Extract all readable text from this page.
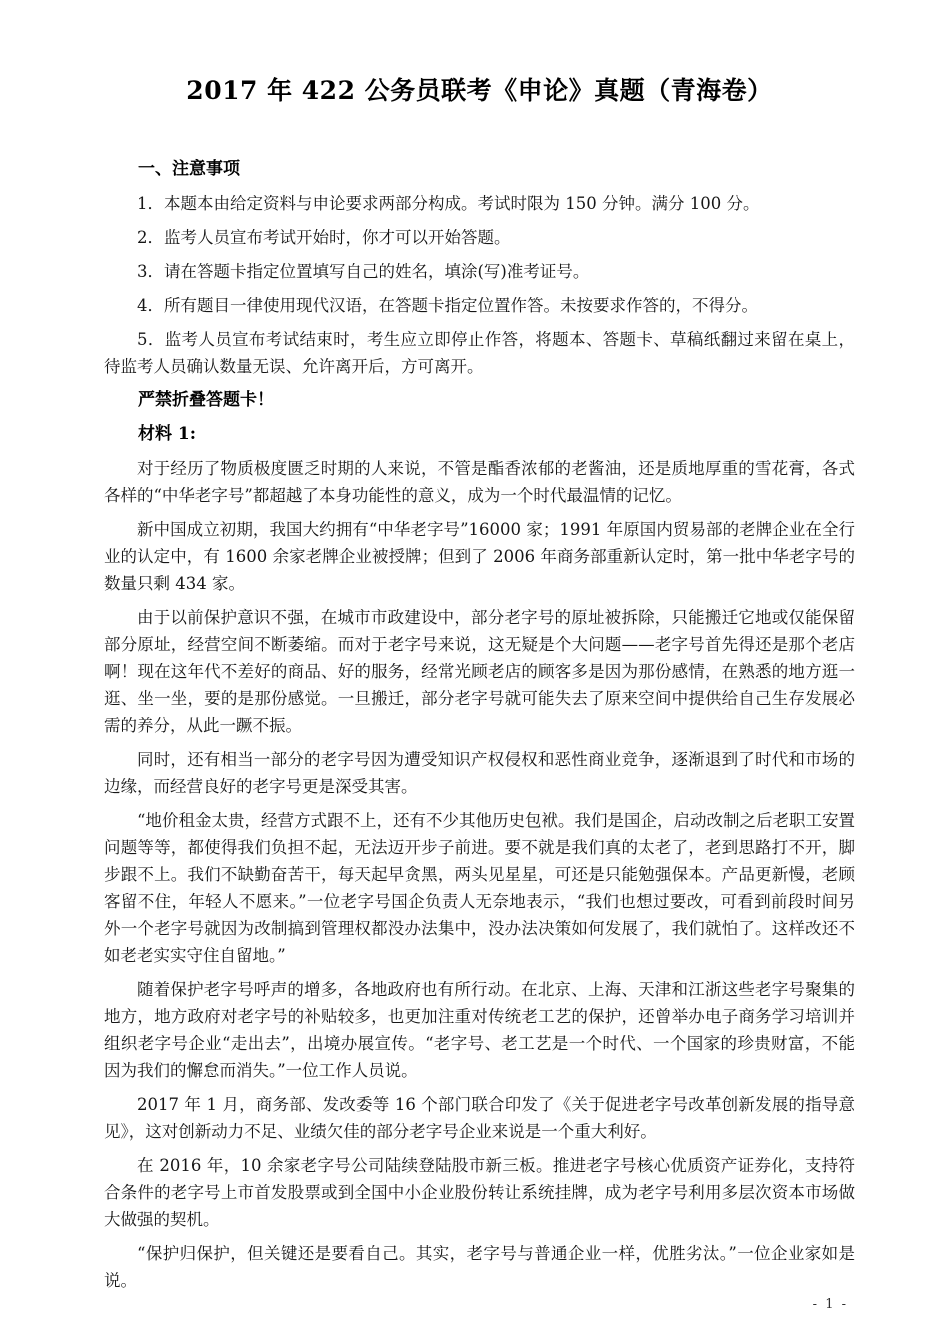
2017 年 422 公务员联考《申论》真题（青海卷）
一、注意事项

1．本题本由给定资料与申论要求两部分构成。考试时限为 150 分钟。满分 100 分。

2．监考人员宣布考试开始时，你才可以开始答题。

3．请在答题卡指定位置填写自己的姓名，填涂(写)准考证号。

4．所有题目一律使用现代汉语，在答题卡指定位置作答。未按要求作答的，不得分。

5．监考人员宣布考试结束时，考生应立即停止作答，将题本、答题卡、草稿纸翻过来留在桌上，待监考人员确认数量无误、允许离开后，方可离开。

严禁折叠答题卡！

材料 1:

对于经历了物质极度匮乏时期的人来说，不管是酯香浓郁的老酱油，还是质地厚重的雪花膏，各式各样的“中华老字号”都超越了本身功能性的意义，成为一个时代最温情的记忆。

新中国成立初期，我国大约拥有“中华老字号”16000 家；1991 年原国内贸易部的老牌企业在全行业的认定中，有 1600 余家老牌企业被授牌；但到了 2006 年商务部重新认定时，第一批中华老字号的数量只剩 434 家。

由于以前保护意识不强，在城市市政建设中，部分老字号的原址被拆除，只能搬迁它地或仅能保留部分原址，经营空间不断萎缩。而对于老字号来说，这无疑是个大问题——老字号首先得还是那个老店啊！现在这年代不差好的商品、好的服务，经常光顾老店的顾客多是因为那份感情，在熟悉的地方逛一逛、坐一坐，要的是那份感觉。一旦搬迁，部分老字号就可能失去了原来空间中提供给自己生存发展必需的养分，从此一蹶不振。

同时，还有相当一部分的老字号因为遭受知识产权侵权和恶性商业竞争，逐渐退到了时代和市场的边缘，而经营良好的老字号更是深受其害。

“地价租金太贵，经营方式跟不上，还有不少其他历史包袱。我们是国企，启动改制之后老职工安置问题等等，都使得我们负担不起，无法迈开步子前进。要不就是我们真的太老了，老到思路打不开，脚步跟不上。我们不缺勤奋苦干，每天起早贪黑，两头见星星，可还是只能勉强保本。产品更新慢，老顾客留不住，年轻人不愿来。”一位老字号国企负责人无奈地表示，“我们也想过要改，可看到前段时间另外一个老字号就因为改制搞到管理权都没办法集中，没办法决策如何发展了，我们就怕了。这样改还不如老老实实守住自留地。”

随着保护老字号呼声的增多，各地政府也有所行动。在北京、上海、天津和江浙这些老字号聚集的地方，地方政府对老字号的补贴较多，也更加注重对传统老工艺的保护，还曾举办电子商务学习培训并组织老字号企业“走出去”，出境办展宣传。“老字号、老工艺是一个时代、一个国家的珍贵财富，不能因为我们的懈怠而消失。”一位工作人员说。

2017 年 1 月，商务部、发改委等 16 个部门联合印发了《关于促进老字号改革创新发展的指导意见》，这对创新动力不足、业绩欠佳的部分老字号企业来说是一个重大利好。

在 2016 年，10 余家老字号公司陆续登陆股市新三板。推进老字号核心优质资产证券化，支持符合条件的老字号上市首发股票或到全国中小企业股份转让系统挂牌，成为老字号利用多层次资本市场做大做强的契机。

“保护归保护，但关键还是要看自己。其实，老字号与普通企业一样，优胜劣汰。”一位企业家如是说。

- 1 -
